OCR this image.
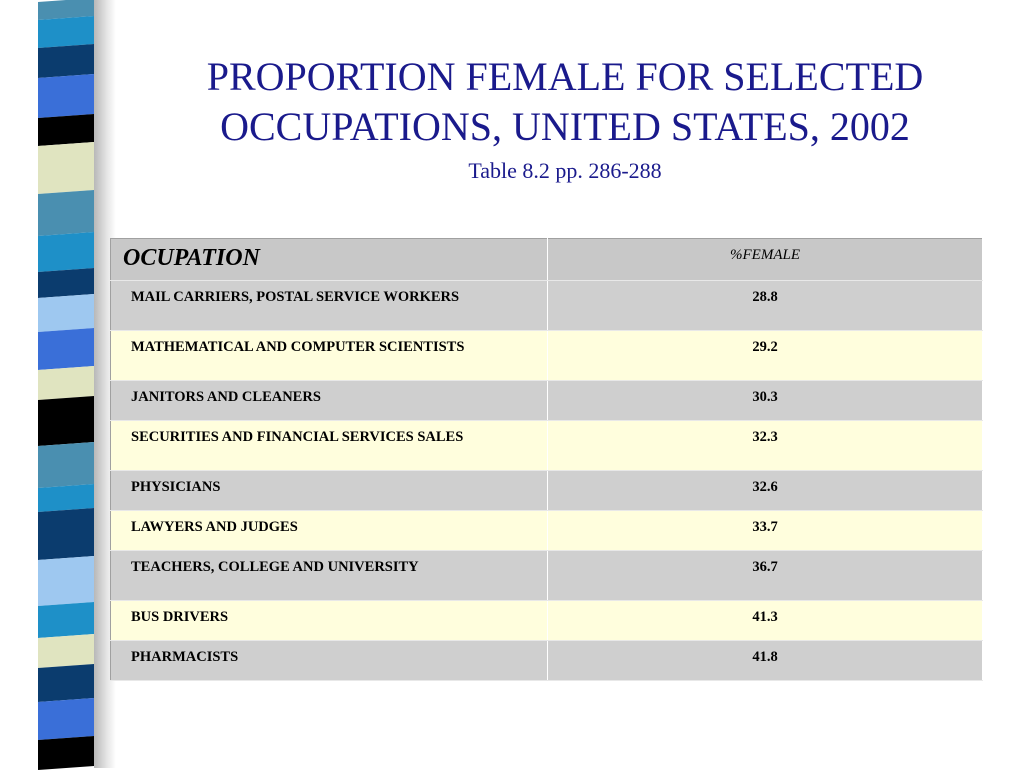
PROPORTION FEMALE FOR SELECTED
OCCUPATIONS, UNITED STATES, 2002
Table 8.2 pp. 286-288
OCUPATION	%FEMALE
MAIL CARRIERS, POSTAL SERVICE WORKERS	28.8
MATHEMATICAL AND COMPUTER SCIENTISTS	29.2
JANITORS AND CLEANERS	30.3
SECURITIES AND FINANCIAL SERVICES SALES	32.3
PHYSICIANS	32.6
LAWYERS AND JUDGES	33.7
TEACHERS, COLLEGE AND UNIVERSITY	36.7
BUS DRIVERS	41.3
PHARMACISTS	41.8
